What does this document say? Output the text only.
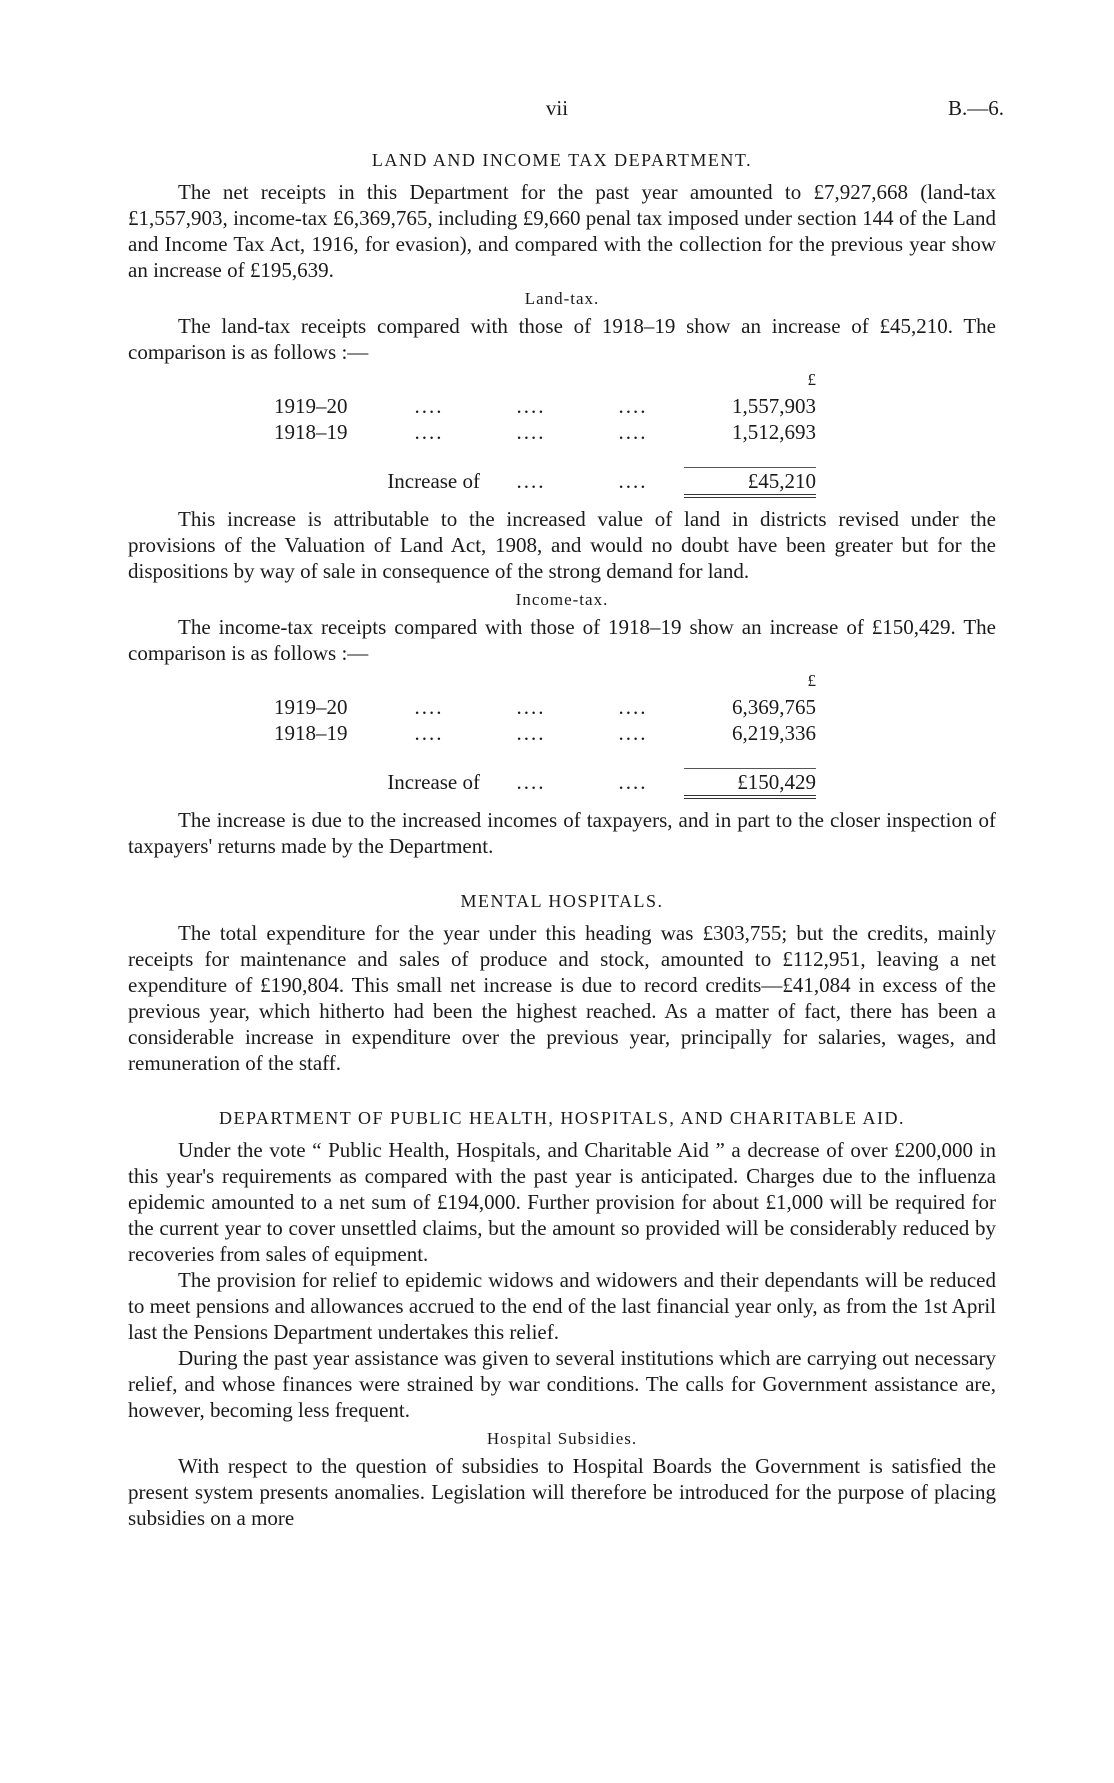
vii	B.—6.
LAND AND INCOME TAX DEPARTMENT.

The net receipts in this Department for the past year amounted to £7,927,668 (land-tax £1,557,903, income-tax £6,369,765, including £9,660 penal tax imposed under section 144 of the Land and Income Tax Act, 1916, for evasion), and compared with the collection for the previous year show an increase of £195,639.

Land-tax.

The land-tax receipts compared with those of 1918–19 show an increase of £45,210. The comparison is as follows :—

				£
1919–20	....	....	....	1,557,903
1918–19	....	....	....	1,512,693

Increase of		....	....	£45,210

This increase is attributable to the increased value of land in districts revised under the provisions of the Valuation of Land Act, 1908, and would no doubt have been greater but for the dispositions by way of sale in consequence of the strong demand for land.

Income-tax.

The income-tax receipts compared with those of 1918–19 show an increase of £150,429. The comparison is as follows :—

				£
1919–20	....	....	....	6,369,765
1918–19	....	....	....	6,219,336

Increase of		....	....	£150,429

The increase is due to the increased incomes of taxpayers, and in part to the closer inspection of taxpayers' returns made by the Department.

MENTAL HOSPITALS.

The total expenditure for the year under this heading was £303,755; but the credits, mainly receipts for maintenance and sales of produce and stock, amounted to £112,951, leaving a net expenditure of £190,804. This small net increase is due to record credits—£41,084 in excess of the previous year, which hitherto had been the highest reached. As a matter of fact, there has been a considerable increase in expenditure over the previous year, principally for salaries, wages, and remuneration of the staff.

DEPARTMENT OF PUBLIC HEALTH, HOSPITALS, AND CHARITABLE AID.

Under the vote “ Public Health, Hospitals, and Charitable Aid ” a decrease of over £200,000 in this year's requirements as compared with the past year is anticipated. Charges due to the influenza epidemic amounted to a net sum of £194,000. Further provision for about £1,000 will be required for the current year to cover unsettled claims, but the amount so provided will be considerably reduced by recoveries from sales of equipment.

The provision for relief to epidemic widows and widowers and their dependants will be reduced to meet pensions and allowances accrued to the end of the last financial year only, as from the 1st April last the Pensions Department undertakes this relief.

During the past year assistance was given to several institutions which are carrying out necessary relief, and whose finances were strained by war conditions. The calls for Government assistance are, however, becoming less frequent.

Hospital Subsidies.

With respect to the question of subsidies to Hospital Boards the Government is satisfied the present system presents anomalies. Legislation will therefore be introduced for the purpose of placing subsidies on a more
